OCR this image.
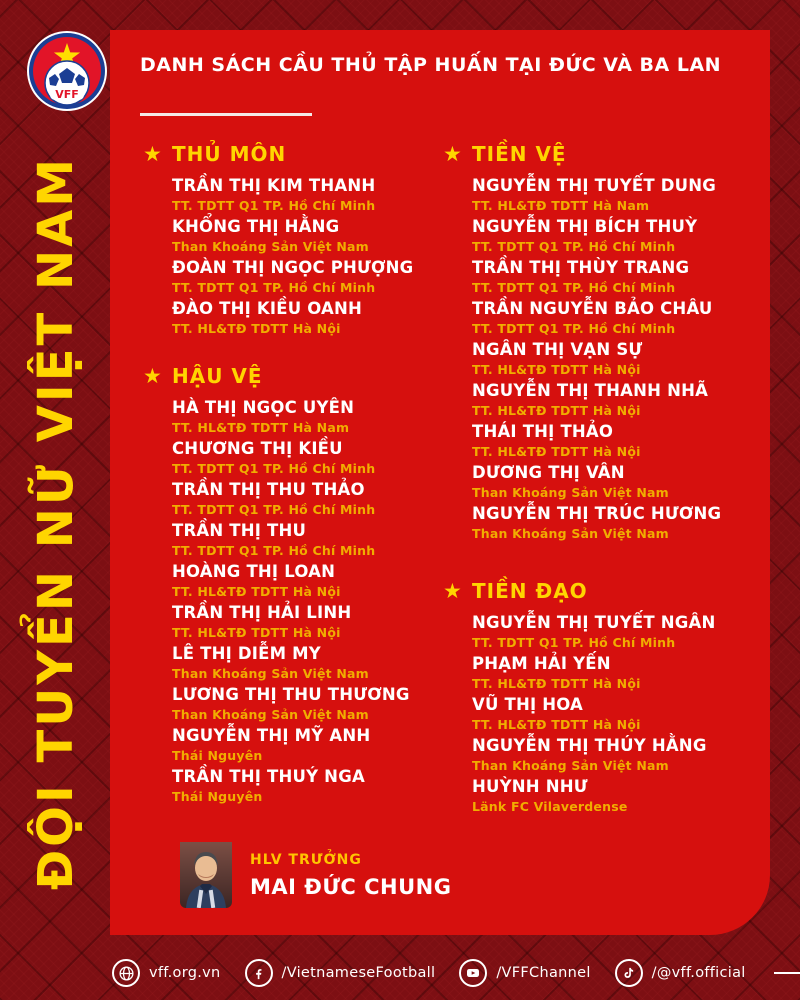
VFF
DANH SÁCH CẦU THỦ TẬP HUẤN TẠI ĐỨC VÀ BA LAN
ĐỘI TUYỂN NỮ VIỆT NAM
★ THỦ MÔN
TRẦN THỊ KIM THANH
TT. TDTT Q1 TP. Hồ Chí Minh
KHỔNG THỊ HẰNG
Than Khoáng Sản Việt Nam
ĐOÀN THỊ NGỌC PHƯỢNG
TT. TDTT Q1 TP. Hồ Chí Minh
ĐÀO THỊ KIỀU OANH
TT. HL&TĐ TDTT Hà Nội
★ HẬU VỆ
HÀ THỊ NGỌC UYÊN
TT. HL&TĐ TDTT Hà Nam
CHƯƠNG THỊ KIỀU
TT. TDTT Q1 TP. Hồ Chí Minh
TRẦN THỊ THU THẢO
TT. TDTT Q1 TP. Hồ Chí Minh
TRẦN THỊ THU
TT. TDTT Q1 TP. Hồ Chí Minh
HOÀNG THỊ LOAN
TT. HL&TĐ TDTT Hà Nội
TRẦN THỊ HẢI LINH
TT. HL&TĐ TDTT Hà Nội
LÊ THỊ DIỄM MY
Than Khoáng Sản Việt Nam
LƯƠNG THỊ THU THƯƠNG
Than Khoáng Sản Việt Nam
NGUYỄN THỊ MỸ ANH
Thái Nguyên
TRẦN THỊ THUÝ NGA
Thái Nguyên
★ TIỀN VỆ
NGUYỄN THỊ TUYẾT DUNG
TT. HL&TĐ TDTT Hà Nam
NGUYỄN THỊ BÍCH THUỲ
TT. TDTT Q1 TP. Hồ Chí Minh
TRẦN THỊ THÙY TRANG
TT. TDTT Q1 TP. Hồ Chí Minh
TRẦN NGUYỄN BẢO CHÂU
TT. TDTT Q1 TP. Hồ Chí Minh
NGÂN THỊ VẠN SỰ
TT. HL&TĐ TDTT Hà Nội
NGUYỄN THỊ THANH NHÃ
TT. HL&TĐ TDTT Hà Nội
THÁI THỊ THẢO
TT. HL&TĐ TDTT Hà Nội
DƯƠNG THỊ VÂN
Than Khoáng Sản Việt Nam
NGUYỄN THỊ TRÚC HƯƠNG
Than Khoáng Sản Việt Nam
★ TIỀN ĐẠO
NGUYỄN THỊ TUYẾT NGÂN
TT. TDTT Q1 TP. Hồ Chí Minh
PHẠM HẢI YẾN
TT. HL&TĐ TDTT Hà Nội
VŨ THỊ HOA
TT. HL&TĐ TDTT Hà Nội
NGUYỄN THỊ THÚY HẰNG
Than Khoáng Sản Việt Nam
HUỲNH NHƯ
Länk FC Vilaverdense
HLV TRƯỞNG
MAI ĐỨC CHUNG
vff.org.vn	/VietnameseFootball	/VFFChannel	/@vff.official
